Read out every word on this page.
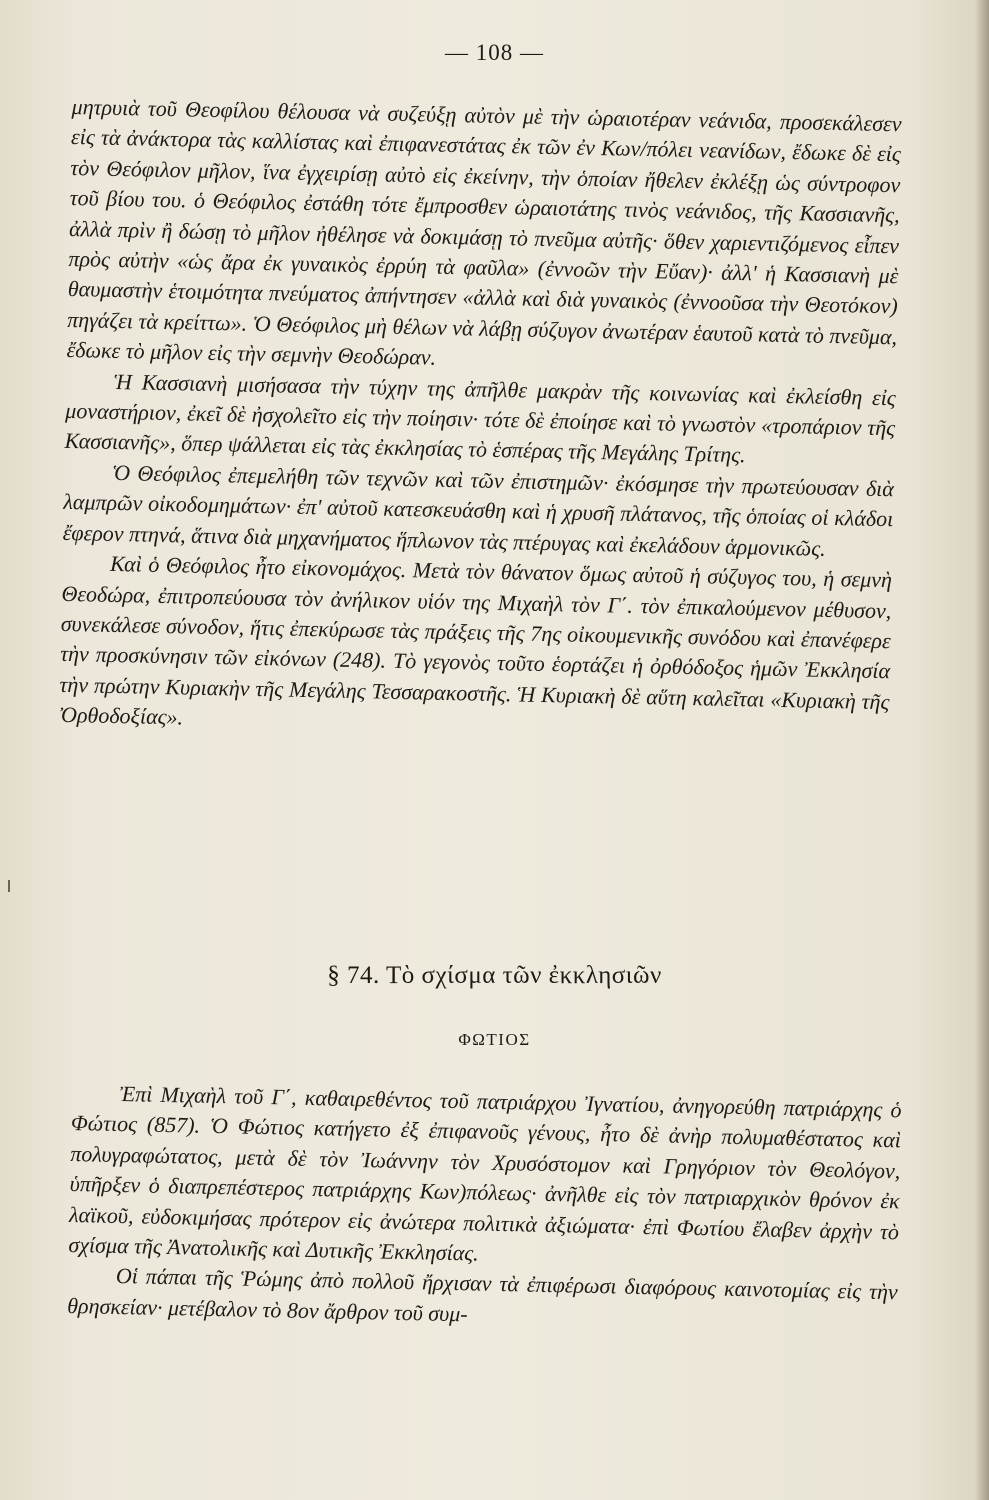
— 108 —

μητρυιὰ τοῦ Θεοφίλου θέλουσα νὰ συζεύξῃ αὐτὸν μὲ τὴν ὡραιοτέραν νεάνιδα, προσεκάλεσεν εἰς τὰ ἀνάκτορα τὰς καλλίστας καὶ ἐπιφανεστάτας ἐκ τῶν ἐν Κων/πόλει νεανίδων, ἔδωκε δὲ εἰς τὸν Θεόφιλον μῆλον, ἵνα ἐγχειρίσῃ αὐτὸ εἰς ἐκείνην, τὴν ὁποίαν ἤθελεν ἐκλέξῃ ὡς σύντροφον τοῦ βίου του. ὁ Θεόφιλος ἐστάθη τότε ἔμπροσθεν ὡραιοτάτης τινὸς νεάνιδος, τῆς Κασσιανῆς, ἀλλὰ πρὶν ἢ δώσῃ τὸ μῆλον ἠθέλησε νὰ δοκιμάσῃ τὸ πνεῦμα αὐτῆς· ὅθεν χαριεντιζόμενος εἶπεν πρὸς αὐτὴν «ὡς ἄρα ἐκ γυναικὸς ἐρρύη τὰ φαῦλα» (ἐννοῶν τὴν Εὔαν)· ἀλλ' ἡ Κασσιανὴ μὲ θαυμαστὴν ἑτοιμότητα πνεύματος ἀπήντησεν «ἀλλὰ καὶ διὰ γυναικὸς (ἐννοοῦσα τὴν Θεοτόκον) πηγάζει τὰ κρείττω». Ὁ Θεόφιλος μὴ θέλων νὰ λάβῃ σύζυγον ἀνωτέραν ἑαυτοῦ κατὰ τὸ πνεῦμα, ἔδωκε τὸ μῆλον εἰς τὴν σεμνὴν Θεοδώραν.

Ἡ Κασσιανὴ μισήσασα τὴν τύχην της ἀπῆλθε μακρὰν τῆς κοινωνίας καὶ ἐκλείσθη εἰς μοναστήριον, ἐκεῖ δὲ ἠσχολεῖτο εἰς τὴν ποίησιν· τότε δὲ ἐποίησε καὶ τὸ γνωστὸν «τροπάριον τῆς Κασσιανῆς», ὅπερ ψάλλεται εἰς τὰς ἐκκλησίας τὸ ἑσπέρας τῆς Μεγάλης Τρίτης.

Ὁ Θεόφιλος ἐπεμελήθη τῶν τεχνῶν καὶ τῶν ἐπιστημῶν· ἐκόσμησε τὴν πρωτεύουσαν διὰ λαμπρῶν οἰκοδομημάτων· ἐπ' αὐτοῦ κατεσκευάσθη καὶ ἡ χρυσῆ πλάτανος, τῆς ὁποίας οἱ κλάδοι ἔφερον πτηνά, ἅτινα διὰ μηχανήματος ἥπλωνον τὰς πτέρυγας καὶ ἐκελάδουν ἁρμονικῶς.

Καὶ ὁ Θεόφιλος ἦτο εἰκονομάχος. Μετὰ τὸν θάνατον ὅμως αὐτοῦ ἡ σύζυγος του, ἡ σεμνὴ Θεοδώρα, ἐπιτροπεύουσα τὸν ἀνήλικον υἱόν της Μιχαὴλ τὸν Γ΄. τὸν ἐπικαλούμενον μέθυσον, συνεκάλεσε σύνοδον, ἥτις ἐπεκύρωσε τὰς πράξεις τῆς 7ης οἰκουμενικῆς συνόδου καὶ ἐπανέφερε τὴν προσκύνησιν τῶν εἰκόνων (248). Τὸ γεγονὸς τοῦτο ἑορτάζει ἡ ὀρθόδοξος ἡμῶν Ἐκκλησία τὴν πρώτην Κυριακὴν τῆς Μεγάλης Τεσσαρακοστῆς. Ἡ Κυριακὴ δὲ αὕτη καλεῖται «Κυριακὴ τῆς Ὀρθοδοξίας».

§ 74. Τὸ σχίσμα τῶν ἐκκλησιῶν
ΦΩΤΙΟΣ

Ἐπὶ Μιχαὴλ τοῦ Γ΄, καθαιρεθέντος τοῦ πατριάρχου Ἰγνατίου, ἀνηγορεύθη πατριάρχης ὁ Φώτιος (857). Ὁ Φώτιος κατήγετο ἐξ ἐπιφανοῦς γένους, ἦτο δὲ ἀνὴρ πολυμαθέστατος καὶ πολυγραφώτατος, μετὰ δὲ τὸν Ἰωάννην τὸν Χρυσόστομον καὶ Γρηγόριον τὸν Θεολόγον, ὑπῆρξεν ὁ διαπρεπέστερος πατριάρχης Κων)πόλεως· ἀνῆλθε εἰς τὸν πατριαρχικὸν θρόνον ἐκ λαϊκοῦ, εὐδοκιμήσας πρότερον εἰς ἀνώτερα πολιτικὰ ἀξιώματα· ἐπὶ Φωτίου ἔλαβεν ἀρχὴν τὸ σχίσμα τῆς Ἀνατολικῆς καὶ Δυτικῆς Ἐκκλησίας.

Οἱ πάπαι τῆς Ῥώμης ἀπὸ πολλοῦ ἤρχισαν τὰ ἐπιφέρωσι διαφόρους καινοτομίας εἰς τὴν θρησκείαν· μετέβαλον τὸ 8ον ἄρθρον τοῦ συμ-
